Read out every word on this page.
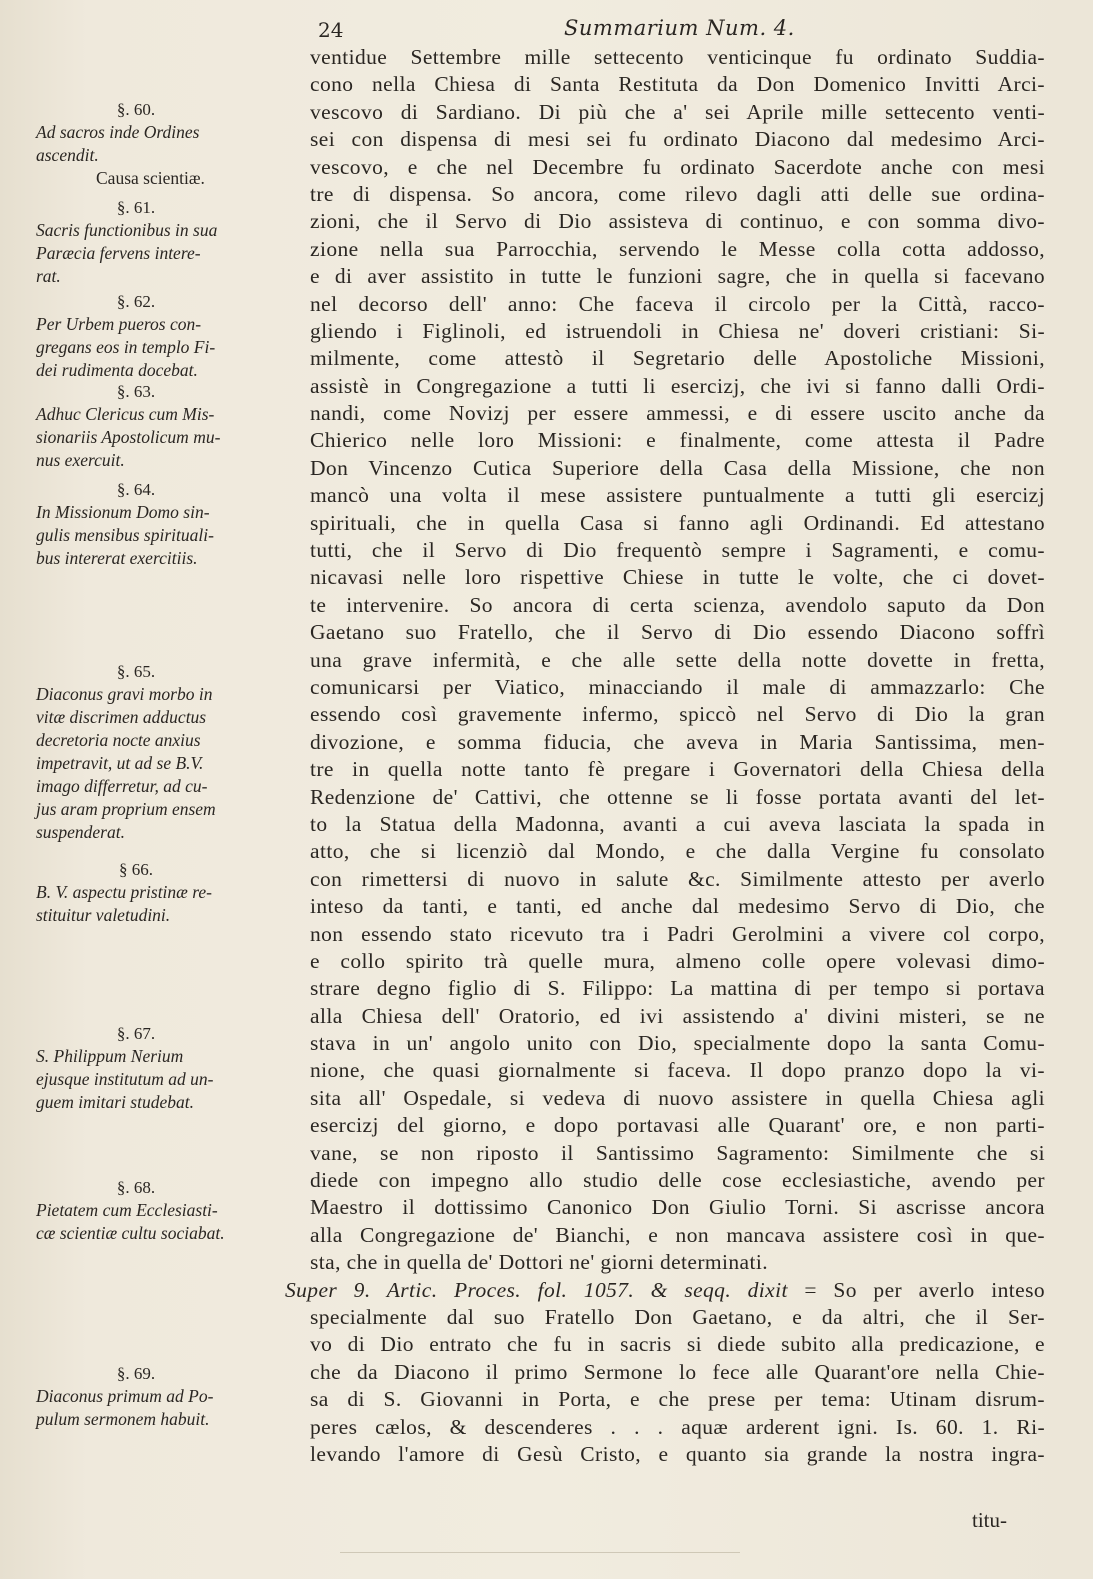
24	Summarium Num. 4.
§. 60.
Ad sacros inde Ordines
ascendit.
Causa scientiæ.
§. 61.
Sacris functionibus in sua
Paræcia fervens intere-
rat.
§. 62.
Per Urbem pueros con-
gregans eos in templo Fi-
dei rudimenta docebat.
§. 63.
Adhuc Clericus cum Mis-
sionariis Apostolicum mu-
nus exercuit.
§. 64.
In Missionum Domo sin-
gulis mensibus spirituali-
bus intererat exercitiis.
§. 65.
Diaconus gravi morbo in
vitæ discrimen adductus
decretoria nocte anxius
impetravit, ut ad se B.V.
imago differretur, ad cu-
jus aram proprium ensem
suspenderat.
§ 66.
B. V. aspectu pristinæ re-
stituitur valetudini.
§. 67.
S. Philippum Nerium
ejusque institutum ad un-
guem imitari studebat.
§. 68.
Pietatem cum Ecclesiasti-
cæ scientiæ cultu sociabat.
§. 69.
Diaconus primum ad Po-
pulum sermonem habuit.
ventidue Settembre mille settecento venticinque fu ordinato Suddia-
cono nella Chiesa di Santa Restituta da Don Domenico Invitti Arci-
vescovo di Sardiano. Di più che a' sei Aprile mille settecento venti-
sei con dispensa di mesi sei fu ordinato Diacono dal medesimo Arci-
vescovo, e che nel Decembre fu ordinato Sacerdote anche con mesi
tre di dispensa. So ancora, come rilevo dagli atti delle sue ordina-
zioni, che il Servo di Dio assisteva di continuo, e con somma divo-
zione nella sua Parrocchia, servendo le Messe colla cotta addosso,
e di aver assistito in tutte le funzioni sagre, che in quella si facevano
nel decorso dell' anno: Che faceva il circolo per la Città, racco-
gliendo i Figlinoli, ed istruendoli in Chiesa ne' doveri cristiani: Si-
milmente, come attestò il Segretario delle Apostoliche Missioni,
assistè in Congregazione a tutti li esercizj, che ivi si fanno dalli Ordi-
nandi, come Novizj per essere ammessi, e di essere uscito anche da
Chierico nelle loro Missioni: e finalmente, come attesta il Padre
Don Vincenzo Cutica Superiore della Casa della Missione, che non
mancò una volta il mese assistere puntualmente a tutti gli esercizj
spirituali, che in quella Casa si fanno agli Ordinandi. Ed attestano
tutti, che il Servo di Dio frequentò sempre i Sagramenti, e comu-
nicavasi nelle loro rispettive Chiese in tutte le volte, che ci dovet-
te intervenire. So ancora di certa scienza, avendolo saputo da Don
Gaetano suo Fratello, che il Servo di Dio essendo Diacono soffrì
una grave infermità, e che alle sette della notte dovette in fretta,
comunicarsi per Viatico, minacciando il male di ammazzarlo: Che
essendo così gravemente infermo, spiccò nel Servo di Dio la gran
divozione, e somma fiducia, che aveva in Maria Santissima, men-
tre in quella notte tanto fè pregare i Governatori della Chiesa della
Redenzione de' Cattivi, che ottenne se li fosse portata avanti del let-
to la Statua della Madonna, avanti a cui aveva lasciata la spada in
atto, che si licenziò dal Mondo, e che dalla Vergine fu consolato
con rimettersi di nuovo in salute &c. Similmente attesto per averlo
inteso da tanti, e tanti, ed anche dal medesimo Servo di Dio, che
non essendo stato ricevuto tra i Padri Gerolmini a vivere col corpo,
e collo spirito trà quelle mura, almeno colle opere volevasi dimo-
strare degno figlio di S. Filippo: La mattina di per tempo si portava
alla Chiesa dell' Oratorio, ed ivi assistendo a' divini misteri, se ne
stava in un' angolo unito con Dio, specialmente dopo la santa Comu-
nione, che quasi giornalmente si faceva. Il dopo pranzo dopo la vi-
sita all' Ospedale, si vedeva di nuovo assistere in quella Chiesa agli
esercizj del giorno, e dopo portavasi alle Quarant' ore, e non parti-
vane, se non riposto il Santissimo Sagramento: Similmente che si
diede con impegno allo studio delle cose ecclesiastiche, avendo per
Maestro il dottissimo Canonico Don Giulio Torni. Si ascrisse ancora
alla Congregazione de' Bianchi, e non mancava assistere così in que-
sta, che in quella de' Dottori ne' giorni determinati.
Super 9. Artic. Proces. fol. 1057. & seqq. dixit = So per averlo inteso
specialmente dal suo Fratello Don Gaetano, e da altri, che il Ser-
vo di Dio entrato che fu in sacris si diede subito alla predicazione, e
che da Diacono il primo Sermone lo fece alle Quarant'ore nella Chie-
sa di S. Giovanni in Porta, e che prese per tema: Utinam disrum-
peres cælos, & descenderes . . . aquæ arderent igni. Is. 60. 1. Ri-
levando l'amore di Gesù Cristo, e quanto sia grande la nostra ingra-
titu-
